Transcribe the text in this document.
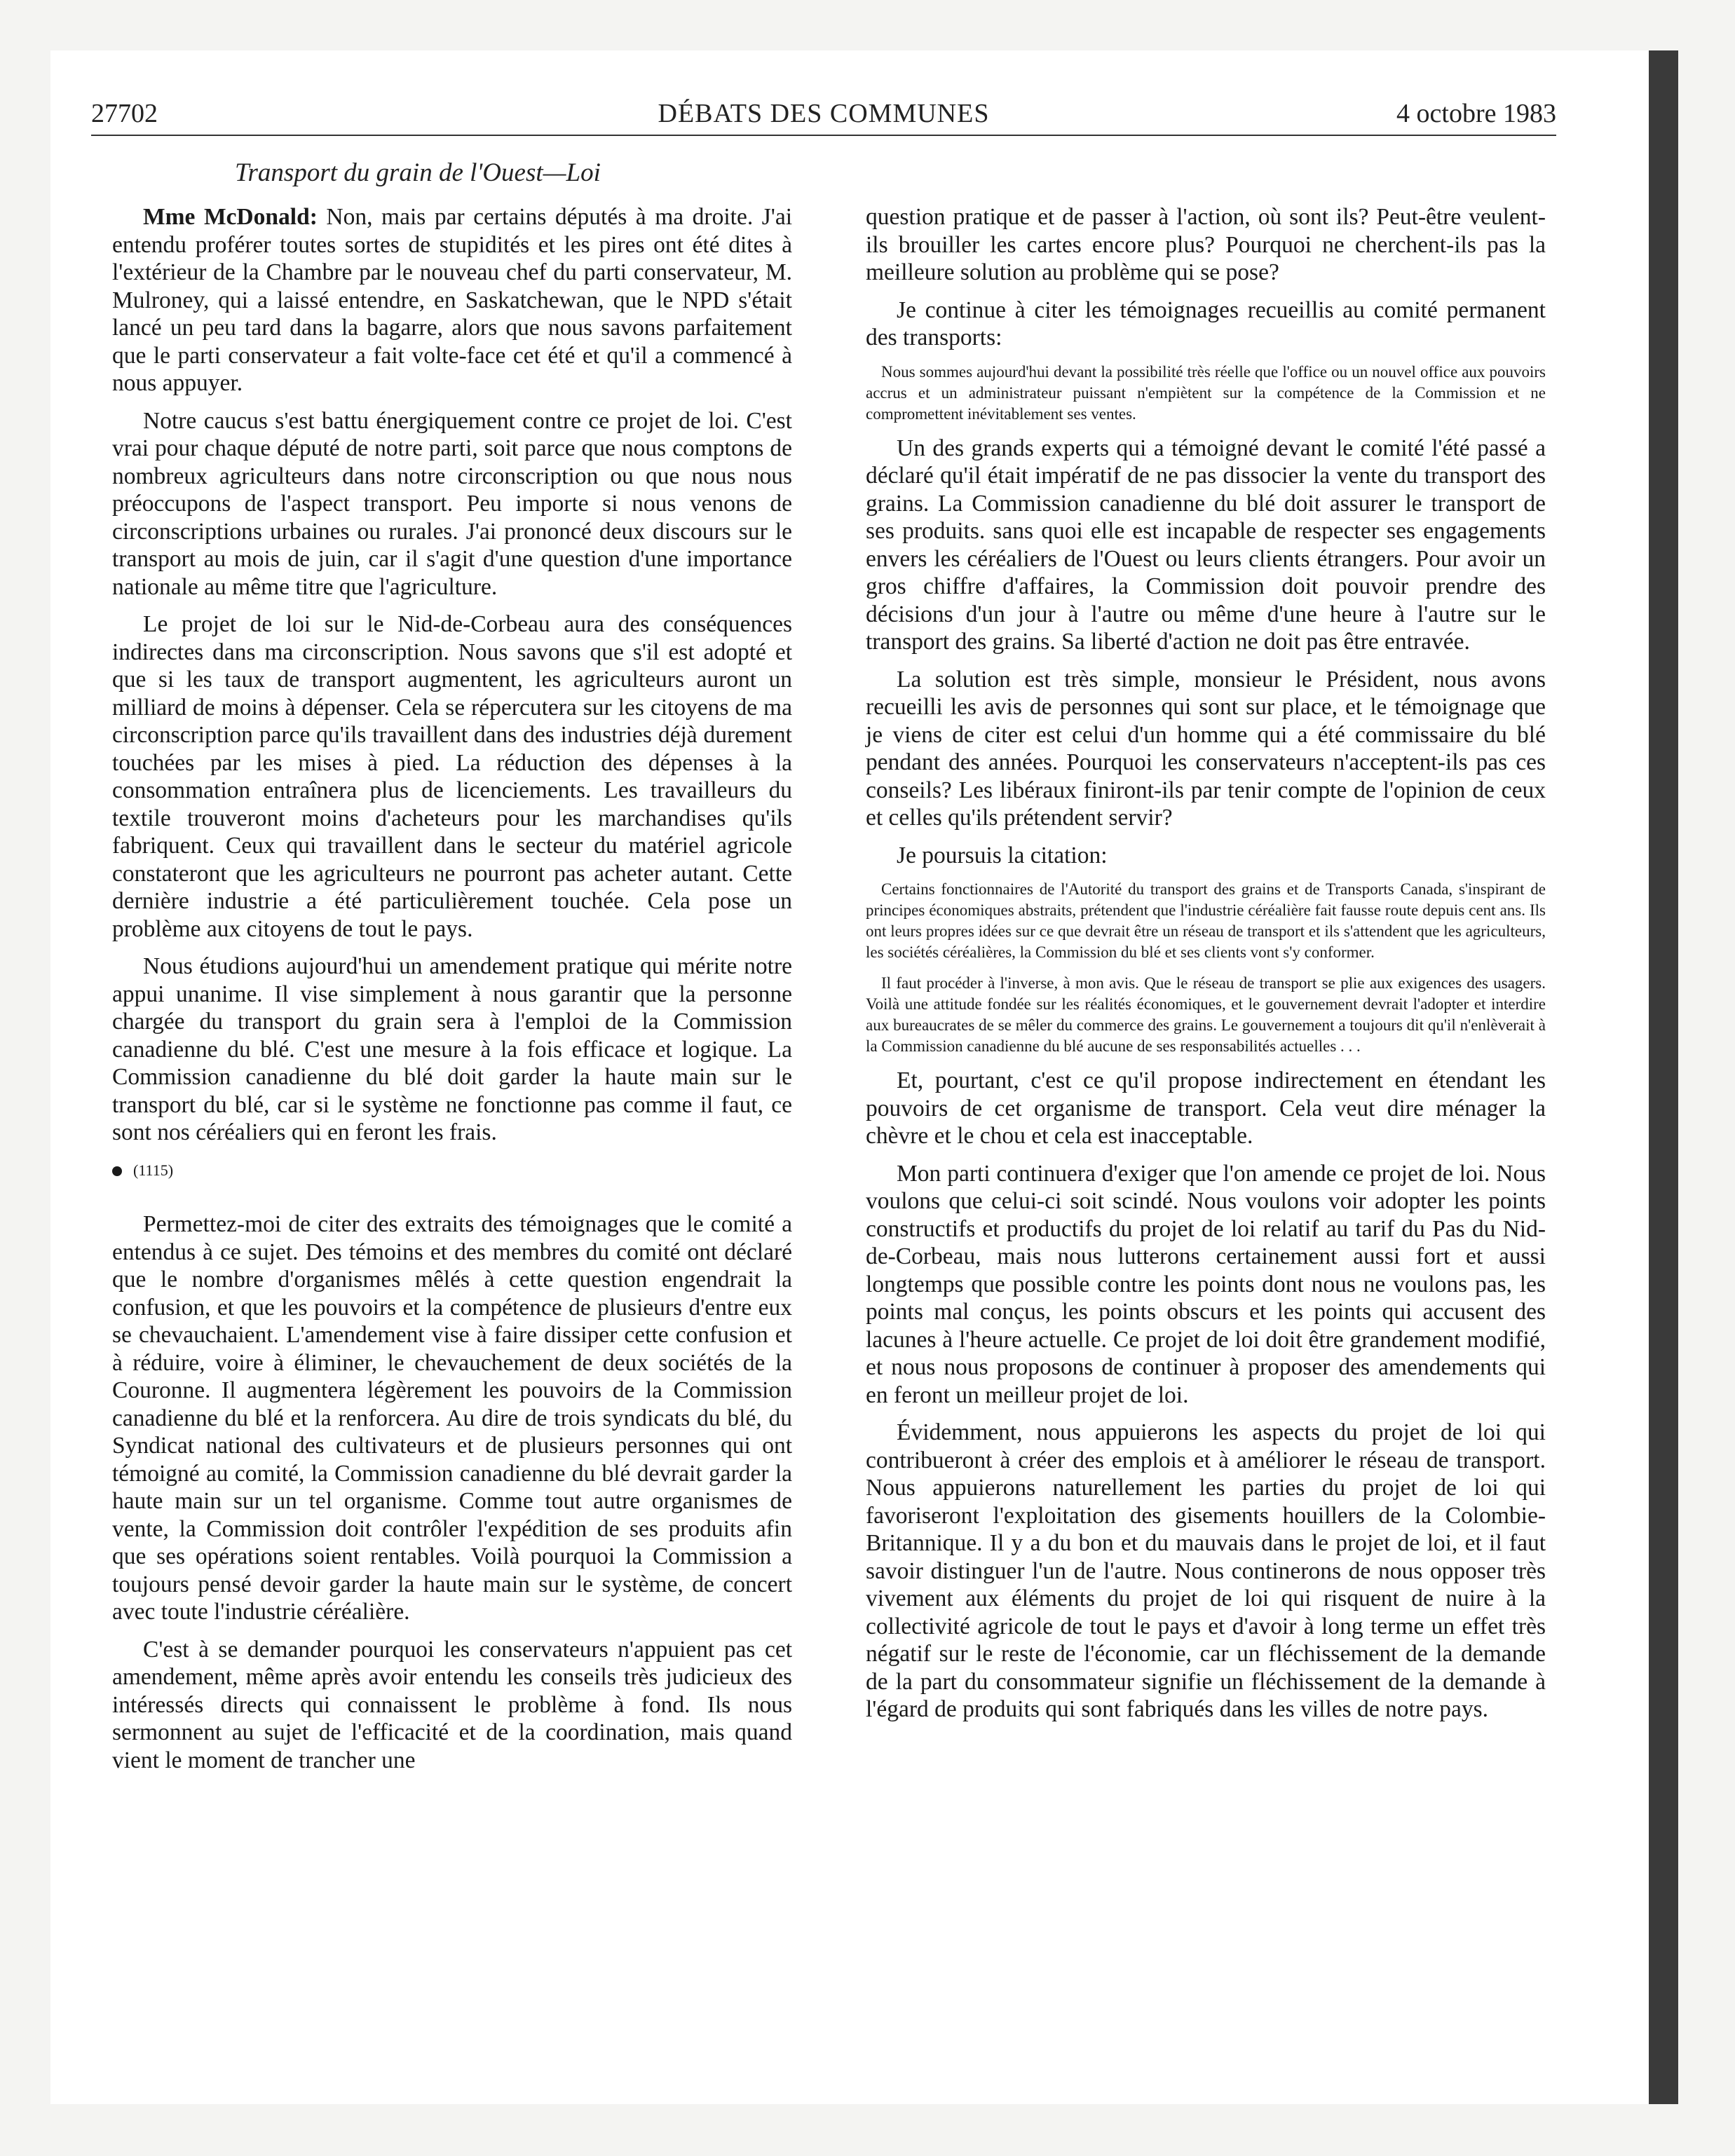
DÉBATS DES COMMUNES
27702	4 octobre 1983
Transport du grain de l'Ouest—Loi

Mme McDonald: Non, mais par certains députés à ma droite. J'ai entendu proférer toutes sortes de stupidités et les pires ont été dites à l'extérieur de la Chambre par le nouveau chef du parti conservateur, M. Mulroney, qui a laissé entendre, en Saskatchewan, que le NPD s'était lancé un peu tard dans la bagarre, alors que nous savons parfaitement que le parti conservateur a fait volte-face cet été et qu'il a commencé à nous appuyer.

Notre caucus s'est battu énergiquement contre ce projet de loi. C'est vrai pour chaque député de notre parti, soit parce que nous comptons de nombreux agriculteurs dans notre circonscription ou que nous nous préoccupons de l'aspect transport. Peu importe si nous venons de circonscriptions urbaines ou rurales. J'ai prononcé deux discours sur le transport au mois de juin, car il s'agit d'une question d'une importance nationale au même titre que l'agriculture.

Le projet de loi sur le Nid-de-Corbeau aura des conséquences indirectes dans ma circonscription. Nous savons que s'il est adopté et que si les taux de transport augmentent, les agriculteurs auront un milliard de moins à dépenser. Cela se répercutera sur les citoyens de ma circonscription parce qu'ils travaillent dans des industries déjà durement touchées par les mises à pied. La réduction des dépenses à la consommation entraînera plus de licenciements. Les travailleurs du textile trouveront moins d'acheteurs pour les marchandises qu'ils fabriquent. Ceux qui travaillent dans le secteur du matériel agricole constateront que les agriculteurs ne pourront pas acheter autant. Cette dernière industrie a été particulièrement touchée. Cela pose un problème aux citoyens de tout le pays.

Nous étudions aujourd'hui un amendement pratique qui mérite notre appui unanime. Il vise simplement à nous garantir que la personne chargée du transport du grain sera à l'emploi de la Commission canadienne du blé. C'est une mesure à la fois efficace et logique. La Commission canadienne du blé doit garder la haute main sur le transport du blé, car si le système ne fonctionne pas comme il faut, ce sont nos céréaliers qui en feront les frais.

(1115)

Permettez-moi de citer des extraits des témoignages que le comité a entendus à ce sujet. Des témoins et des membres du comité ont déclaré que le nombre d'organismes mêlés à cette question engendrait la confusion, et que les pouvoirs et la compétence de plusieurs d'entre eux se chevauchaient. L'amendement vise à faire dissiper cette confusion et à réduire, voire à éliminer, le chevauchement de deux sociétés de la Couronne. Il augmentera légèrement les pouvoirs de la Commission canadienne du blé et la renforcera. Au dire de trois syndicats du blé, du Syndicat national des cultivateurs et de plusieurs personnes qui ont témoigné au comité, la Commission canadienne du blé devrait garder la haute main sur un tel organisme. Comme tout autre organismes de vente, la Commission doit contrôler l'expédition de ses produits afin que ses opérations soient rentables. Voilà pourquoi la Commission a toujours pensé devoir garder la haute main sur le système, de concert avec toute l'industrie céréalière.

C'est à se demander pourquoi les conservateurs n'appuient pas cet amendement, même après avoir entendu les conseils très judicieux des intéressés directs qui connaissent le problème à fond. Ils nous sermonnent au sujet de l'efficacité et de la coordination, mais quand vient le moment de trancher une

question pratique et de passer à l'action, où sont ils? Peut-être veulent-ils brouiller les cartes encore plus? Pourquoi ne cherchent-ils pas la meilleure solution au problème qui se pose?

Je continue à citer les témoignages recueillis au comité permanent des transports:

Nous sommes aujourd'hui devant la possibilité très réelle que l'office ou un nouvel office aux pouvoirs accrus et un administrateur puissant n'empiètent sur la compétence de la Commission et ne compromettent inévitablement ses ventes.

Un des grands experts qui a témoigné devant le comité l'été passé a déclaré qu'il était impératif de ne pas dissocier la vente du transport des grains. La Commission canadienne du blé doit assurer le transport de ses produits. sans quoi elle est incapable de respecter ses engagements envers les céréaliers de l'Ouest ou leurs clients étrangers. Pour avoir un gros chiffre d'affaires, la Commission doit pouvoir prendre des décisions d'un jour à l'autre ou même d'une heure à l'autre sur le transport des grains. Sa liberté d'action ne doit pas être entravée.

La solution est très simple, monsieur le Président, nous avons recueilli les avis de personnes qui sont sur place, et le témoignage que je viens de citer est celui d'un homme qui a été commissaire du blé pendant des années. Pourquoi les conservateurs n'acceptent-ils pas ces conseils? Les libéraux finiront-ils par tenir compte de l'opinion de ceux et celles qu'ils prétendent servir?

Je poursuis la citation:

Certains fonctionnaires de l'Autorité du transport des grains et de Transports Canada, s'inspirant de principes économiques abstraits, prétendent que l'industrie céréalière fait fausse route depuis cent ans. Ils ont leurs propres idées sur ce que devrait être un réseau de transport et ils s'attendent que les agriculteurs, les sociétés céréalières, la Commission du blé et ses clients vont s'y conformer.

Il faut procéder à l'inverse, à mon avis. Que le réseau de transport se plie aux exigences des usagers. Voilà une attitude fondée sur les réalités économiques, et le gouvernement devrait l'adopter et interdire aux bureaucrates de se mêler du commerce des grains. Le gouvernement a toujours dit qu'il n'enlèverait à la Commission canadienne du blé aucune de ses responsabilités actuelles . . .

Et, pourtant, c'est ce qu'il propose indirectement en étendant les pouvoirs de cet organisme de transport. Cela veut dire ménager la chèvre et le chou et cela est inacceptable.

Mon parti continuera d'exiger que l'on amende ce projet de loi. Nous voulons que celui-ci soit scindé. Nous voulons voir adopter les points constructifs et productifs du projet de loi relatif au tarif du Pas du Nid-de-Corbeau, mais nous lutterons certainement aussi fort et aussi longtemps que possible contre les points dont nous ne voulons pas, les points mal conçus, les points obscurs et les points qui accusent des lacunes à l'heure actuelle. Ce projet de loi doit être grandement modifié, et nous nous proposons de continuer à proposer des amendements qui en feront un meilleur projet de loi.

Évidemment, nous appuierons les aspects du projet de loi qui contribueront à créer des emplois et à améliorer le réseau de transport. Nous appuierons naturellement les parties du projet de loi qui favoriseront l'exploitation des gisements houillers de la Colombie-Britannique. Il y a du bon et du mauvais dans le projet de loi, et il faut savoir distinguer l'un de l'autre. Nous continerons de nous opposer très vivement aux éléments du projet de loi qui risquent de nuire à la collectivité agricole de tout le pays et d'avoir à long terme un effet très négatif sur le reste de l'économie, car un fléchissement de la demande de la part du consommateur signifie un fléchissement de la demande à l'égard de produits qui sont fabriqués dans les villes de notre pays.
